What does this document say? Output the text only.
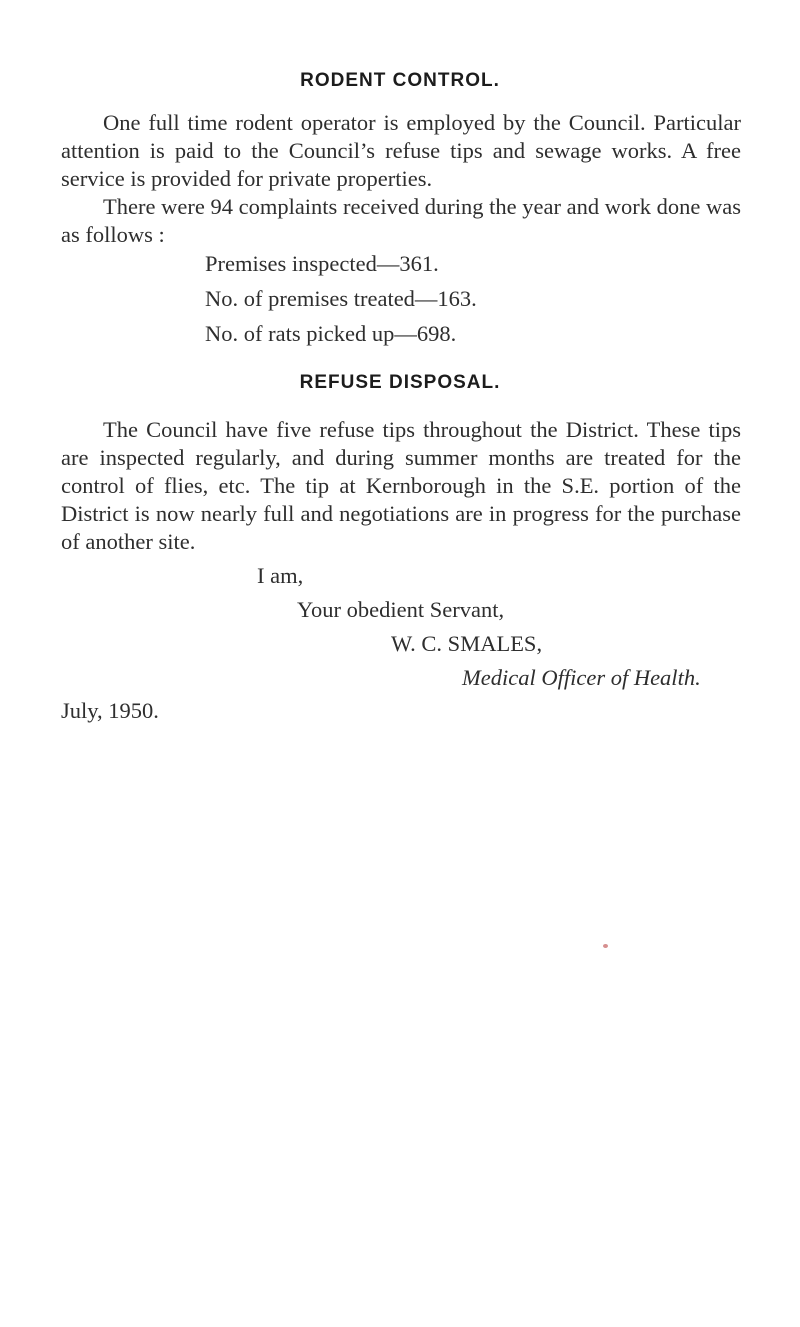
RODENT CONTROL.

One full time rodent operator is employed by the Council. Particular attention is paid to the Council’s refuse tips and sewage works. A free service is provided for private properties.

There were 94 complaints received during the year and work done was as follows :

Premises inspected—361.

No. of premises treated—163.

No. of rats picked up—698.

REFUSE DISPOSAL.

The Council have five refuse tips throughout the District. These tips are inspected regularly, and during summer months are treated for the control of flies, etc. The tip at Kernborough in the S.E. portion of the District is now nearly full and negotiations are in progress for the purchase of another site.

I am,

Your obedient Servant,

W. C. SMALES,

Medical Officer of Health.

July, 1950.
